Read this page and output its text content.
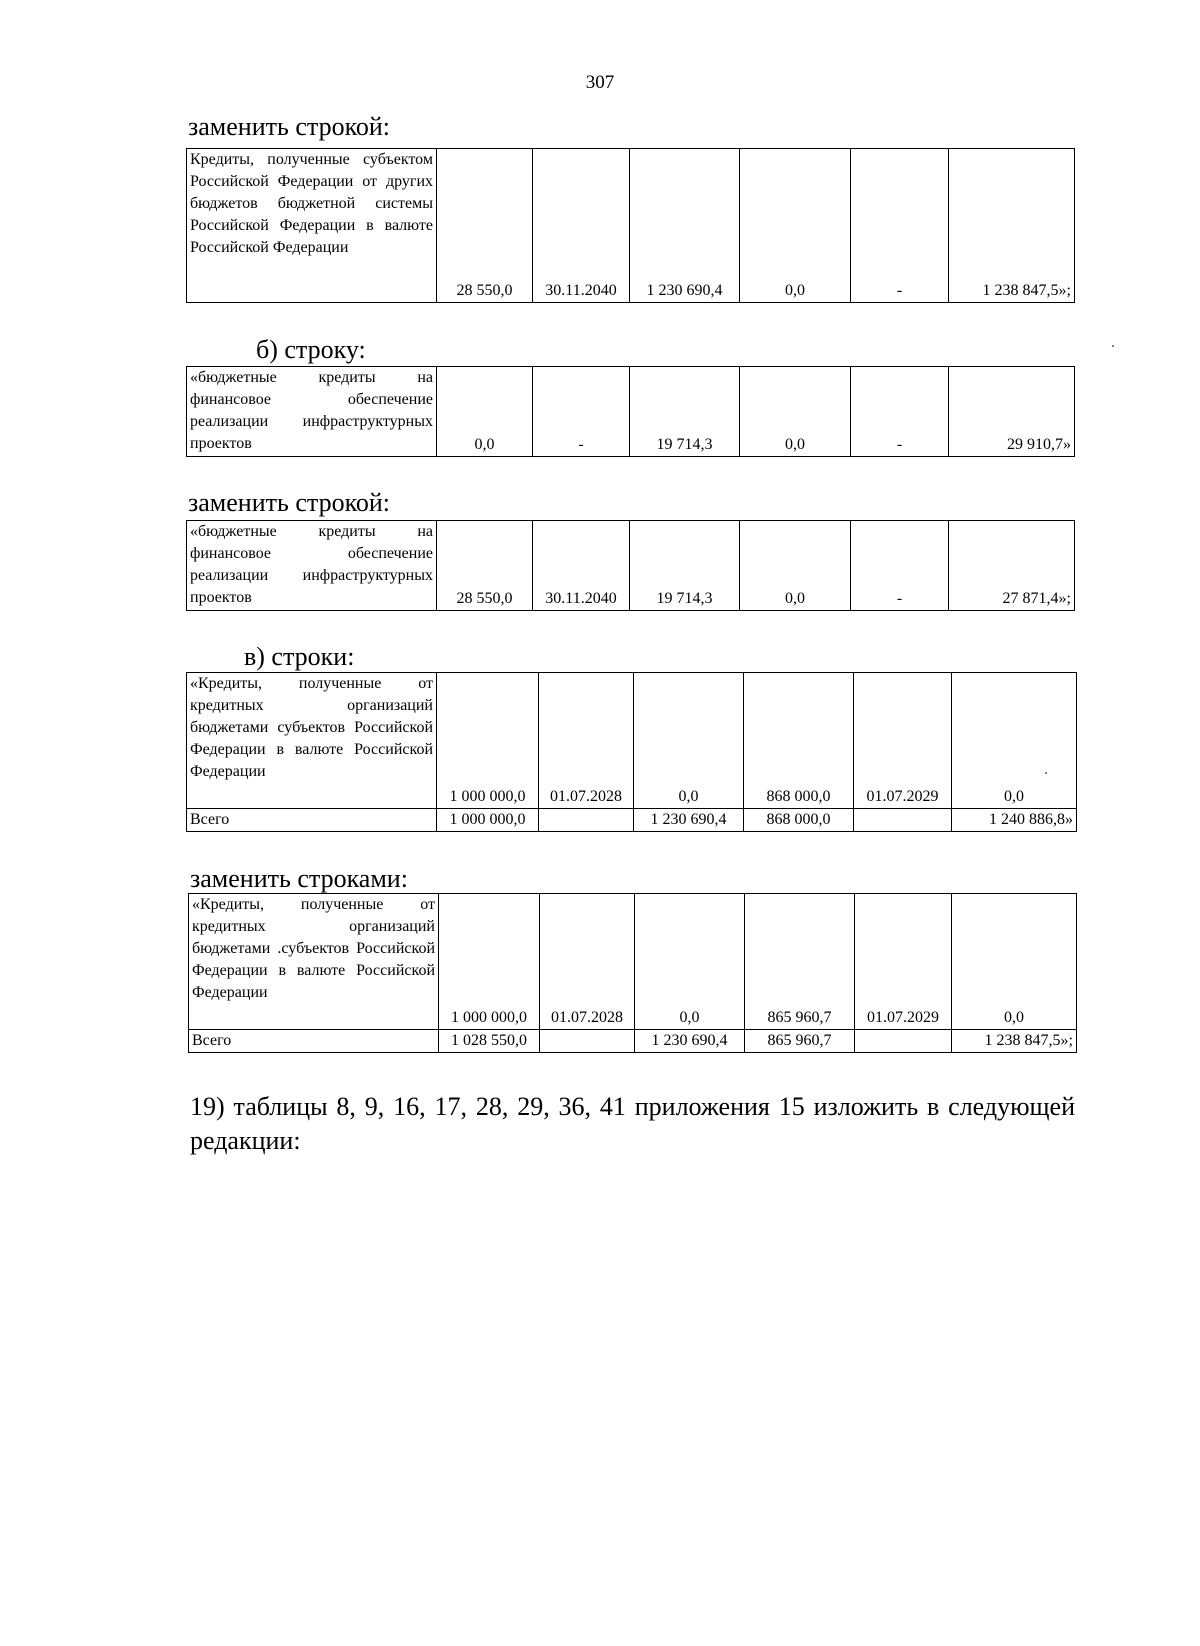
307
заменить строкой:
Кредиты, полученные субъектом Российской Федерации от других бюджетов бюджетной системы Российской Федерации в валюте Российской Федерации	28 550,0	30.11.2040	1 230 690,4	0,0	-	1 238 847,5»;
б) строку:
«бюджетные кредиты на финансовое обеспечение реализации инфраструктурных проектов	0,0	-	19 714,3	0,0	-	29 910,7»
заменить строкой:
«бюджетные кредиты на финансовое обеспечение реализации инфраструктурных проектов	28 550,0	30.11.2040	19 714,3	0,0	-	27 871,4»;
в) строки:
«Кредиты, полученные от кредитных организаций бюджетами субъектов Российской Федерации в валюте Российской Федерации	1 000 000,0	01.07.2028	0,0	868 000,0	01.07.2029	0,0
Всего	1 000 000,0		1 230 690,4	868 000,0		1 240 886,8»
заменить строками:
«Кредиты, полученные от кредитных организаций бюджетами .субъектов Российской Федерации в валюте Российской Федерации	1 000 000,0	01.07.2028	0,0	865 960,7	01.07.2029	0,0
Всего	1 028 550,0		1 230 690,4	865 960,7		1 238 847,5»;
19) таблицы 8, 9, 16, 17, 28, 29, 36, 41 приложения 15 изложить в следующей редакции:
